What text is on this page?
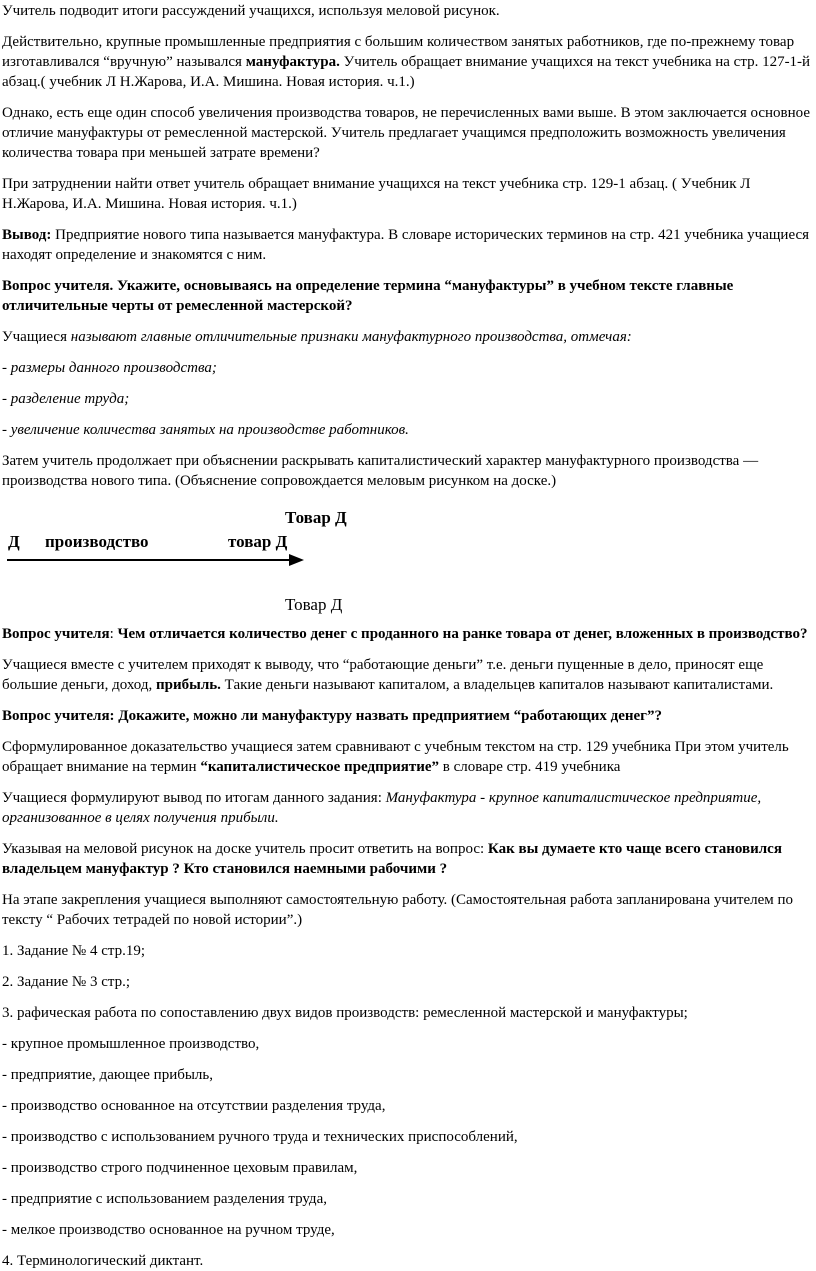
Учитель подводит итоги рассуждений учащихся, используя меловой рисунок.

Действительно, крупные промышленные предприятия с большим количеством занятых работников, где по-прежнему товар изготавливался “вручную” назывался мануфактура. Учитель обращает внимание учащихся на текст учебника на стр. 127-1-й абзац.( учебник Л Н.Жарова, И.А. Мишина. Новая история. ч.1.)

Однако, есть еще один способ увеличения производства товаров, не перечисленных вами выше. В этом заключается основное отличие мануфактуры от ремесленной мастерской. Учитель предлагает учащимся предположить возможность увеличения количества товара при меньшей затрате времени?

При затруднении найти ответ учитель обращает внимание учащихся на текст учебника стр. 129-1 абзац. ( Учебник Л Н.Жарова, И.А. Мишина. Новая история. ч.1.)

Вывод: Предприятие нового типа называется мануфактура. В словаре исторических терминов на стр. 421 учебника учащиеся находят определение и знакомятся с ним.

Вопрос учителя. Укажите, основываясь на определение термина “мануфактуры” в учебном тексте главные отличительные черты от ремесленной мастерской?

Учащиеся называют главные отличительные признаки мануфактурного производства, отмечая:

- размеры данного производства;

- разделение труда;

- увеличение количества занятых на производстве работников.

Затем учитель продолжает при объяснении раскрывать капиталистический характер мануфактурного производства — производства нового типа. (Объяснение сопровождается меловым рисунком на доске.)

Д производство	товар Д
Товар Д
Товар Д

Вопрос учителя: Чем отличается количество денег с проданного на ранке товара от денег, вложенных в производство?

Учащиеся вместе с учителем приходят к выводу, что “работающие деньги” т.е. деньги пущенные в дело, приносят еще большие деньги, доход, прибыль. Такие деньги называют капиталом, а владельцев капиталов называют капиталистами.

Вопрос учителя: Докажите, можно ли мануфактуру назвать предприятием “работающих денег”?

Сформулированное доказательство учащиеся затем сравнивают с учебным текстом на стр. 129 учебника При этом учитель обращает внимание на термин “капиталистическое предприятие” в словаре стр. 419 учебника

Учащиеся формулируют вывод по итогам данного задания: Мануфактура - крупное капиталистическое предприятие, организованное в целях получения прибыли.

Указывая на меловой рисунок на доске учитель просит ответить на вопрос: Как вы думаете кто чаще всего становился владельцем мануфактур ? Кто становился наемными рабочими ?

На этапе закрепления учащиеся выполняют самостоятельную работу. (Самостоятельная работа запланирована учителем по тексту “ Рабочих тетрадей по новой истории”.)

1. Задание № 4 стр.19;

2. Задание № 3 стр.;

3. рафическая работа по сопоставлению двух видов производств: ремесленной мастерской и мануфактуры;

- крупное промышленное производство,

- предприятие, дающее прибыль,

- производство основанное на отсутствии разделения труда,

- производство с использованием ручного труда и технических приспособлений,

- производство строго подчиненное цеховым правилам,

- предприятие с использованием разделения труда,

- мелкое производство основанное на ручном труде,

4. Терминологический диктант.
